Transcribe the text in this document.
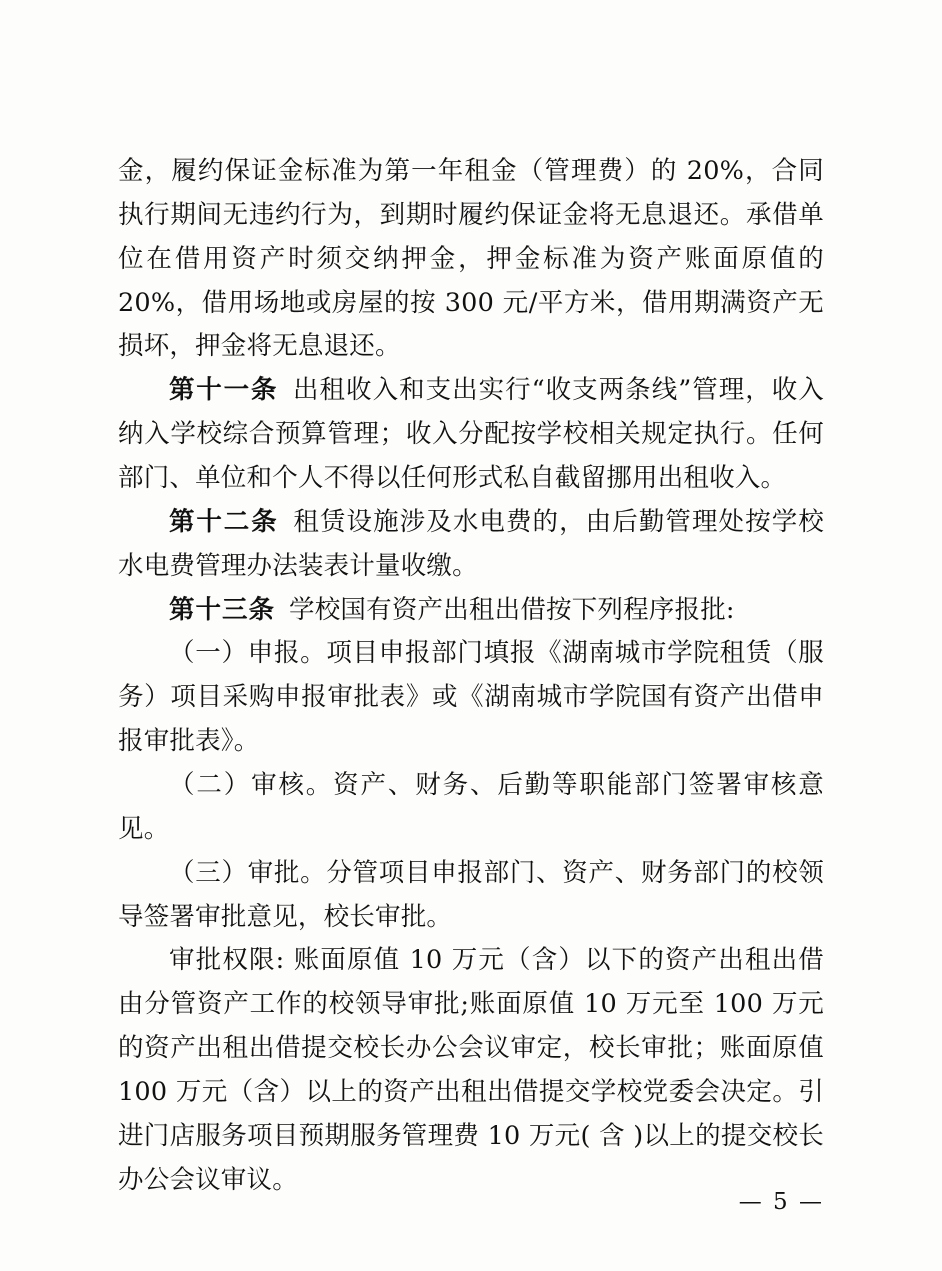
金，履约保证金标准为第一年租金（管理费）的 20%，合同执行期间无违约行为，到期时履约保证金将无息退还。承借单位在借用资产时须交纳押金，押金标准为资产账面原值的 20%，借用场地或房屋的按 300 元/平方米，借用期满资产无损坏，押金将无息退还。

第十一条 出租收入和支出实行“收支两条线”管理，收入纳入学校综合预算管理；收入分配按学校相关规定执行。任何部门、单位和个人不得以任何形式私自截留挪用出租收入。

第十二条 租赁设施涉及水电费的，由后勤管理处按学校水电费管理办法装表计量收缴。

第十三条 学校国有资产出租出借按下列程序报批:

（一）申报。项目申报部门填报《湖南城市学院租赁（服务）项目采购申报审批表》或《湖南城市学院国有资产出借申报审批表》。

（二）审核。资产、财务、后勤等职能部门签署审核意见。

（三）审批。分管项目申报部门、资产、财务部门的校领导签署审批意见，校长审批。

审批权限: 账面原值 10 万元（含）以下的资产出租出借由分管资产工作的校领导审批;账面原值 10 万元至 100 万元的资产出租出借提交校长办公会议审定，校长审批；账面原值 100 万元（含）以上的资产出租出借提交学校党委会决定。引进门店服务项目预期服务管理费 10 万元( 含 )以上的提交校长办公会议审议。

— 5 —
